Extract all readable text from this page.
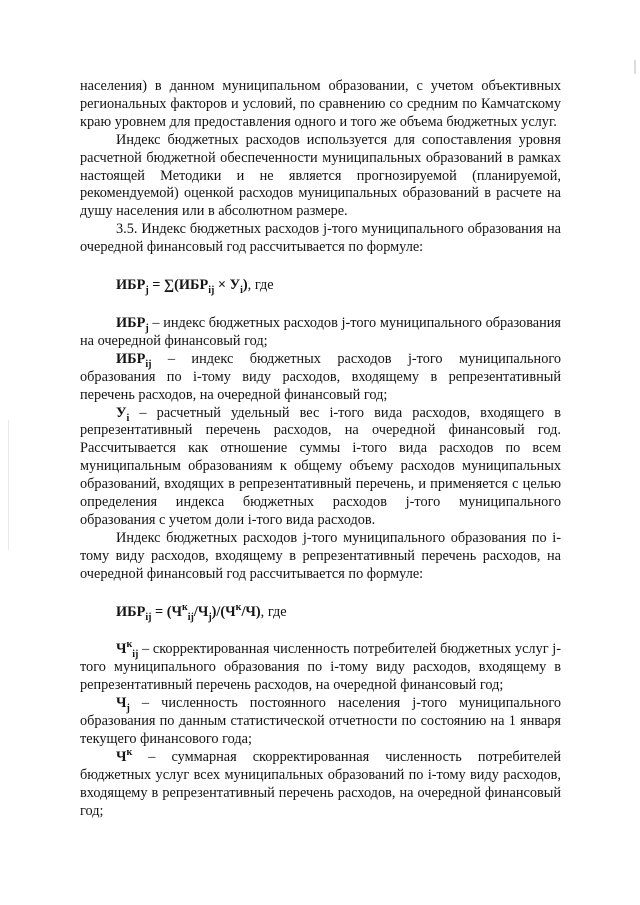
населения) в данном муниципальном образовании, с учетом объективных региональных факторов и условий, по сравнению со средним по Камчатскому краю уровнем для предоставления одного и того же объема бюджетных услуг.

Индекс бюджетных расходов используется для сопоставления уровня расчетной бюджетной обеспеченности муниципальных образований в рамках настоящей Методики и не является прогнозируемой (планируемой, рекомендуемой) оценкой расходов муниципальных образований в расчете на душу населения или в абсолютном размере.

3.5. Индекс бюджетных расходов j-того муниципального образования на очередной финансовый год рассчитывается по формуле:

$ИБР_j = \sum(ИБР_{ij} \times У_i)$, где

$ИБР_j$ – индекс бюджетных расходов j-того муниципального образования на очередной финансовый год;

$ИБР_{ij}$ – индекс бюджетных расходов j-того муниципального образования по i-тому виду расходов, входящему в репрезентативный перечень расходов, на очередной финансовый год;

$У_i$ – расчетный удельный вес i-того вида расходов, входящего в репрезентативный перечень расходов, на очередной финансовый год. Рассчитывается как отношение суммы i-того вида расходов по всем муниципальным образованиям к общему объему расходов муниципальных образований, входящих в репрезентативный перечень, и применяется с целью определения индекса бюджетных расходов j-того муниципального образования с учетом доли i-того вида расходов.

Индекс бюджетных расходов j-того муниципального образования по i-тому виду расходов, входящему в репрезентативный перечень расходов, на очередной финансовый год рассчитывается по формуле:

$ИБР_{ij} = (Ч^к_{ij}/Ч_j)/(Ч^к/Ч)$, где

$Ч^к_{ij}$ – скорректированная численность потребителей бюджетных услуг j-того муниципального образования по i-тому виду расходов, входящему в репрезентативный перечень расходов, на очередной финансовый год;

$Ч_j$ – численность постоянного населения j-того муниципального образования по данным статистической отчетности по состоянию на 1 января текущего финансового года;

$Ч^к$ – суммарная скорректированная численность потребителей бюджетных услуг всех муниципальных образований по i-тому виду расходов, входящему в репрезентативный перечень расходов, на очередной финансовый год;
